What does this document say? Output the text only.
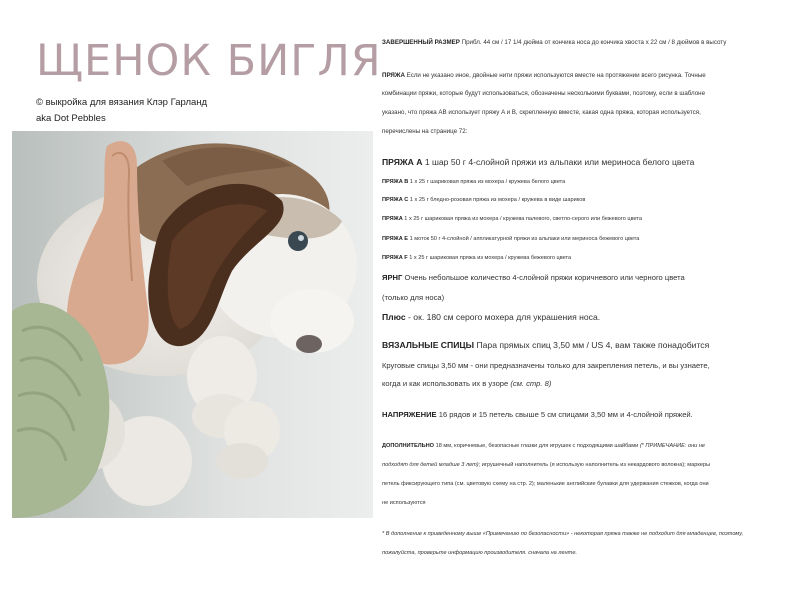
ЩЕНОК БИГЛЯ
© выкройка для вязания Клэр Гарланд
aka Dot Pebbles
ЗАВЕРШЕННЫЙ РАЗМЕР Прибл. 44 см / 17 1/4 дюйма от кончика носа до кончика хвоста x 22 см / 8 дюймов в высоту
ПРЯЖА Если не указано иное, двойные нити пряжи используются вместе на протяжении всего рисунка. Точные
комбинации пряжи, которые будут использоваться, обозначены несколькими буквами, поэтому, если в шаблоне
указано, что пряжа AB использует пряжу A и B, скрепленную вместе, какая одна пряжа, которая используется,
перечислены на странице 72:
ПРЯЖА А 1 шар 50 г 4-слойной пряжи из альпаки или мериноса белого цвета
ПРЯЖА В 1 x 25 г шариковая пряжа из мохера / кружева белого цвета
ПРЯЖА С 1 x 25 г бледно-розовая пряжа из мохера / кружева в виде шариков
ПРЯЖА 1 x 25 г шариковая пряжа из мохера / кружева палевого, светло-серого или бежевого цвета
ПРЯЖА E 1 моток 50 г 4-слойной / аппликатурной пряжи из альпаки или мериноса бежевого цвета
ПРЯЖА F 1 x 25 г шариковая пряжа из мохера / кружева бежевого цвета
ЯРНГ Очень небольшое количество 4-слойной пряжи коричневого или черного цвета
(только для носа)
Плюс - ок. 180 см серого мохера для украшения носа.
ВЯЗАЛЬНЫЕ СПИЦЫ Пара прямых спиц 3,50 мм / US 4, вам также понадобится
Круговые спицы 3,50 мм - они предназначены только для закрепления петель, и вы узнаете,
когда и как использовать их в узоре (см. стр. 8)
НАПРЯЖЕНИЕ 16 рядов и 15 петель свыше 5 см спицами 3,50 мм и 4-слойной пряжей.
ДОПОЛНИТЕЛЬНО 18 мм, коричневые, безопасные глазки для игрушек с подходящими шайбами (* ПРИМЕЧАНИЕ: они не
подходят для детей младше 3 лет); игрушечный наполнитель (я использую наполнитель из некардового волокна); маркеры
петель фиксирующего типа (см. цветовую схему на стр. 2); маленькие английские булавки для удержания стежков, когда они
не используются
* В дополнение к приведенному выше «Примечанию по безопасности» - некоторая пряжа также не подходит для младенцев, поэтому,
пожалуйста, проверьте информацию производителя. сначала на ленте.
